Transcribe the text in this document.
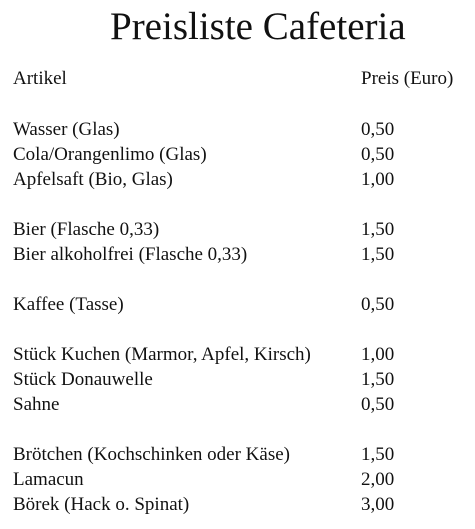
Preisliste Cafeteria
Artikel	Preis (Euro)
Wasser (Glas)	0,50
Cola/Orangenlimo (Glas)	0,50
Apfelsaft (Bio, Glas)	1,00
Bier (Flasche 0,33)	1,50
Bier alkoholfrei (Flasche 0,33)	1,50
Kaffee (Tasse)	0,50
Stück Kuchen (Marmor, Apfel, Kirsch)	1,00
Stück Donauwelle	1,50
Sahne	0,50
Brötchen (Kochschinken oder Käse)	1,50
Lamacun	2,00
Börek (Hack o. Spinat)	3,00
